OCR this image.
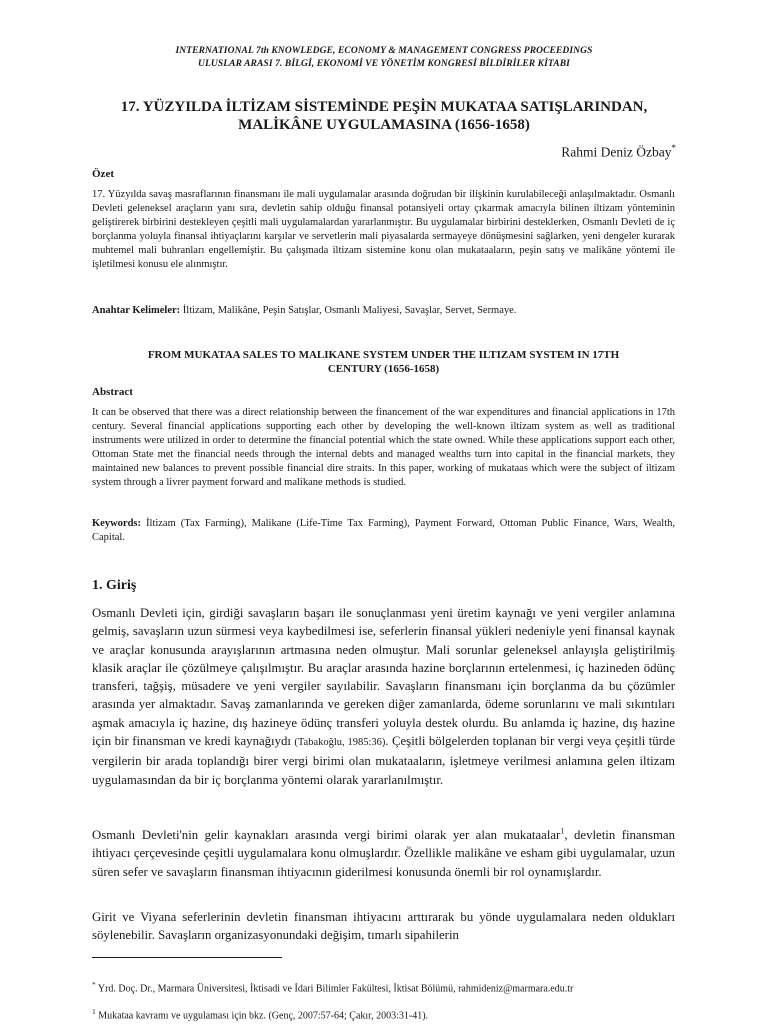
INTERNATIONAL 7th KNOWLEDGE, ECONOMY & MANAGEMENT CONGRESS PROCEEDINGS
ULUSLAR ARASI 7. BİLGİ, EKONOMİ VE YÖNETİM KONGRESİ BİLDİRİLER KİTABI
17. YÜZYILDA İLTİZAM SİSTEMİNDE PEŞİN MUKATAA SATIŞLARINDAN,
MALİKÂNE UYGULAMASINA (1656-1658)
Rahmi Deniz Özbay*
Özet
17. Yüzyılda savaş masraflarının finansmanı ile mali uygulamalar arasında doğrudan bir ilişkinin kurulabileceği anlaşılmaktadır. Osmanlı Devleti geleneksel araçların yanı sıra, devletin sahip olduğu finansal potansiyeli ortay çıkarmak amacıyla bilinen iltizam yönteminin geliştirerek birbirini destekleyen çeşitli mali uygulamalardan yararlanmıştır. Bu uygulamalar birbirini desteklerken, Osmanlı Devleti de iç borçlanma yoluyla finansal ihtiyaçlarını karşılar ve servetlerin mali piyasalarda sermayeye dönüşmesini sağlarken, yeni dengeler kurarak muhtemel mali buhranları engellemiştir. Bu çalışmada iltizam sistemine konu olan mukataaların, peşin satış ve malikâne yöntemi ile işletilmesi konusu ele alınmıştır.
Anahtar Kelimeler: İltizam, Malikâne, Peşin Satışlar, Osmanlı Maliyesi, Savaşlar, Servet, Sermaye.
FROM MUKATAA SALES TO MALIKANE SYSTEM UNDER THE ILTIZAM SYSTEM IN 17TH
CENTURY (1656-1658)
Abstract
It can be observed that there was a direct relationship between the financement of the war expenditures and financial applications in 17th century. Several financial applications supporting each other by developing the well-known iltizam system as well as traditional instruments were utilized in order to determine the financial potential which the state owned. While these applications support each other, Ottoman State met the financial needs through the internal debts and managed wealths turn into capital in the financial markets, they maintained new balances to prevent possible financial dire straits. In this paper, working of mukataas which were the subject of iltizam system through a livrer payment forward and malikane methods is studied.
Keywords: İltizam (Tax Farming), Malikane (Life-Time Tax Farming), Payment Forward, Ottoman Public Finance, Wars, Wealth, Capital.
1. Giriş
Osmanlı Devleti için, girdiği savaşların başarı ile sonuçlanması yeni üretim kaynağı ve yeni vergiler anlamına gelmiş, savaşların uzun sürmesi veya kaybedilmesi ise, seferlerin finansal yükleri nedeniyle yeni finansal kaynak ve araçlar konusunda arayışlarının artmasına neden olmuştur. Mali sorunlar geleneksel anlayışla geliştirilmiş klasik araçlar ile çözülmeye çalışılmıştır. Bu araçlar arasında hazine borçlarının ertelenmesi, iç hazineden ödünç transferi, tağşiş, müsadere ve yeni vergiler sayılabilir. Savaşların finansmanı için borçlanma da bu çözümler arasında yer almaktadır. Savaş zamanlarında ve gereken diğer zamanlarda, ödeme sorunlarını ve mali sıkıntıları aşmak amacıyla iç hazine, dış hazineye ödünç transferi yoluyla destek olurdu. Bu anlamda iç hazine, dış hazine için bir finansman ve kredi kaynağıydı (Tabakoğlu, 1985:36). Çeşitli bölgelerden toplanan bir vergi veya çeşitli türde vergilerin bir arada toplandığı birer vergi birimi olan mukataaların, işletmeye verilmesi anlamına gelen iltizam uygulamasından da bir iç borçlanma yöntemi olarak yararlanılmıştır.
Osmanlı Devleti'nin gelir kaynakları arasında vergi birimi olarak yer alan mukataalar$^1$, devletin finansman ihtiyacı çerçevesinde çeşitli uygulamalara konu olmuşlardır. Özellikle malikâne ve esham gibi uygulamalar, uzun süren sefer ve savaşların finansman ihtiyacının giderilmesi konusunda önemli bir rol oynamışlardır.
Girit ve Viyana seferlerinin devletin finansman ihtiyacını arttırarak bu yönde uygulamalara neden oldukları söylenebilir. Savaşların organizasyonundaki değişim, tımarlı sipahilerin
* Yrd. Doç. Dr., Marmara Üniversitesi, İktisadi ve İdari Bilimler Fakültesi, İktisat Bölümü, rahmideniz@marmara.edu.tr
$^1$ Mukataa kavramı ve uygulaması için bkz. (Genç, 2007:57-64; Çakır, 2003:31-41).
